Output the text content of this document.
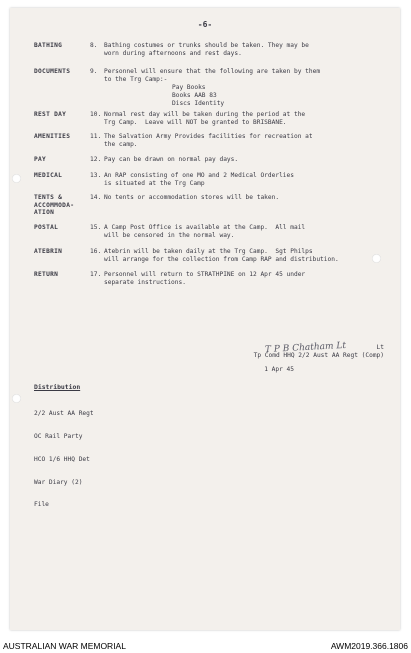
-6-
BATHING	8.	Bathing costumes or trunks should be taken. They may be
worn during afternoons and rest days.
DOCUMENTS	9.	Personnel will ensure that the following are taken by them
to the Trg Camp:-
Pay Books
Books AAB 83
Discs Identity
REST DAY	10. Normal rest day will be taken during the period at the
Trg Camp.  Leave will NOT be granted to BRISBANE.
AMENITIES	11. The Salvation Army Provides facilities for recreation at
the camp.
PAY	12. Pay can be drawn on normal pay days.
MEDICAL	13. An RAP consisting of one MO and 2 Medical Orderlies
is situated at the Trg Camp
TENTS &
ACCOMMODA-
ATION
14. No tents or accommodation stores will be taken.
POSTAL	15. A Camp Post Office is available at the Camp.  All mail
will be censored in the normal way.
ATEBRIN	16. Atebrin will be taken daily at the Trg Camp.  Sgt Philps
will arrange for the collection from Camp RAP and distribution.
RETURN	17. Personnel will return to STRATHPINE on 12 Apr 45 under
separate instructions.
T P B Chatham Lt	Lt
Tp Comd HHQ 2/2 Aust AA Regt (Comp)
1 Apr 45
Distribution

2/2 Aust AA Regt

OC Rail Party

HCO 1/6 HHQ Det

War Diary (2)

File

AUSTRALIAN WAR MEMORIAL	AWM2019.366.1806
